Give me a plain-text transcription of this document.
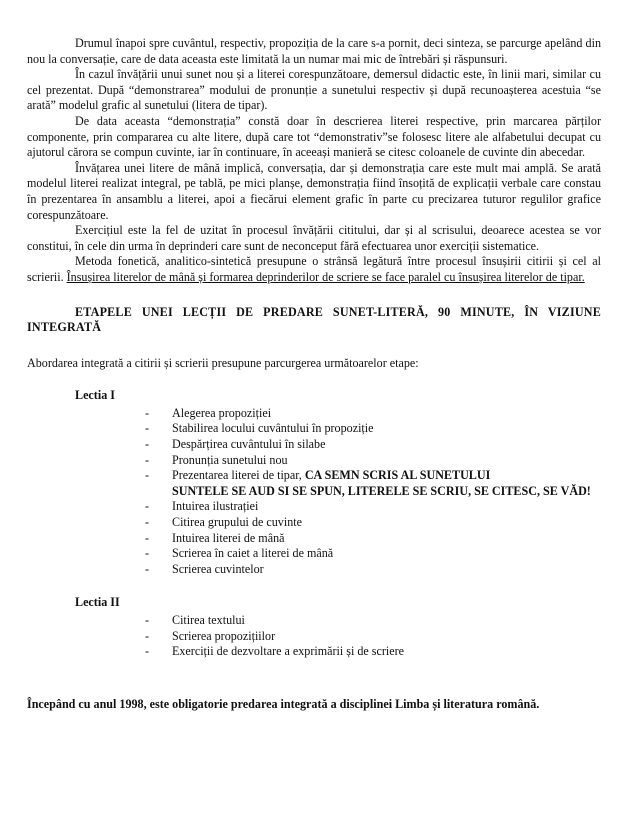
Drumul înapoi spre cuvântul, respectiv, propoziția de la care s-a pornit, deci sinteza, se parcurge apelând din nou la conversație, care de data aceasta este limitată la un numar mai mic de întrebări și răspunsuri.

În cazul învățării unui sunet nou și a literei corespunzătoare, demersul didactic este, în linii mari, similar cu cel prezentat. După “demonstrarea” modului de pronunție a sunetului respectiv și după recunoașterea acestuia “se arată” modelul grafic al sunetului (litera de tipar).

De data aceasta “demonstrația” constă doar în descrierea literei respective, prin marcarea părților componente, prin compararea cu alte litere, după care tot “demonstrativ”se folosesc litere ale alfabetului decupat cu ajutorul cărora se compun cuvinte, iar în continuare, în aceeași manieră se citesc coloanele de cuvinte din abecedar.

Învățarea unei litere de mână implică, conversația, dar și demonstrația care este mult mai amplă. Se arată modelul literei realizat integral, pe tablă, pe mici planșe, demonstrația fiind însoțită de explicații verbale care constau în prezentarea în ansamblu a literei, apoi a fiecărui element grafic în parte cu precizarea tuturor regulilor grafice corespunzătoare.

Exercițiul este la fel de uzitat în procesul învățării cititului, dar și al scrisului, deoarece acestea se vor constitui, în cele din urma în deprinderi care sunt de neconceput fără efectuarea unor exerciții sistematice.

Metoda fonetică, analitico-sintetică presupune o strânsă legătură între procesul însușirii citirii și cel al scrierii. Însușirea literelor de mână și formarea deprinderilor de scriere se face paralel cu însușirea literelor de tipar.

ETAPELE UNEI LECȚII DE PREDARE SUNET-LITERĂ, 90 MINUTE, ÎN VIZIUNE INTEGRATĂ

Abordarea integrată a citirii și scrierii presupune parcurgerea următoarelor etape:

Lectia I

- Alegerea propoziției
- Stabilirea locului cuvântului în propoziție
- Despărțirea cuvântului în silabe
- Pronunția sunetului nou
- Prezentarea literei de tipar, CA SEMN SCRIS AL SUNETULUI
SUNTELE SE AUD SI SE SPUN, LITERELE SE SCRIU, SE CITESC, SE VĂD!
- Intuirea ilustrației
- Citirea grupului de cuvinte
- Intuirea literei de mână
- Scrierea în caiet a literei de mână
- Scrierea cuvintelor

Lectia II

- Citirea textului
- Scrierea propozițiilor
- Exerciții de dezvoltare a exprimării și de scriere

Începând cu anul 1998, este obligatorie predarea integrată a disciplinei Limba și literatura română.
